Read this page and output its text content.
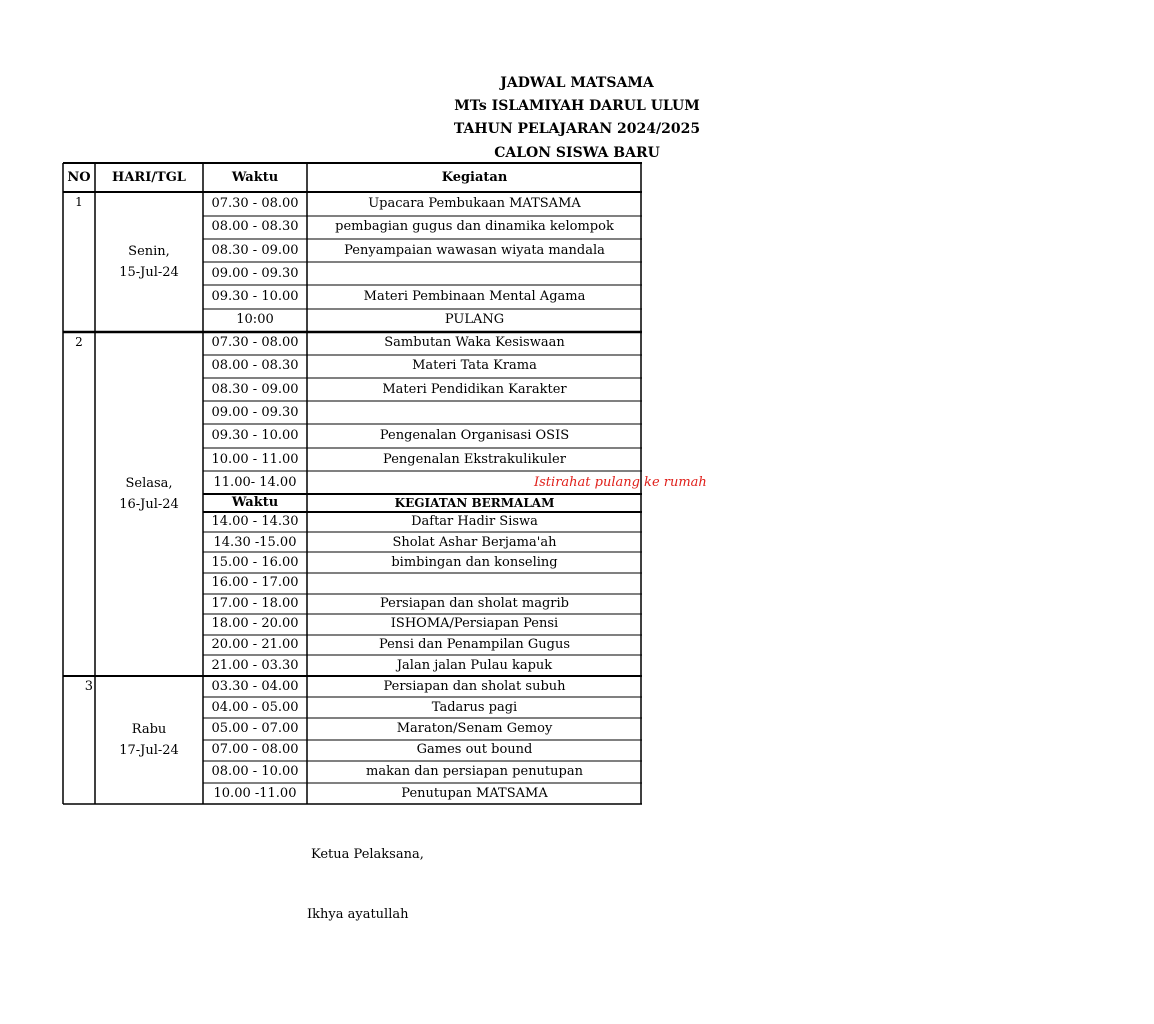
JADWAL MATSAMA
MTs ISLAMIYAH DARUL ULUM
TAHUN PELAJARAN 2024/2025
CALON SISWA BARU
NO	HARI/TGL	Waktu	Kegiatan
1
Senin,
15-Jul-24
07.30 - 08.00	Upacara Pembukaan MATSAMA
08.00 - 08.30	pembagian gugus dan dinamika kelompok
08.30 - 09.00	Penyampaian wawasan wiyata mandala
09.00 - 09.30
09.30 - 10.00	Materi Pembinaan Mental Agama
10:00	PULANG
2
Selasa,
16-Jul-24
07.30 - 08.00	Sambutan Waka Kesiswaan
08.00 - 08.30	Materi Tata Krama
08.30 - 09.00	Materi Pendidikan Karakter
09.00 - 09.30
09.30 - 10.00	Pengenalan Organisasi OSIS
10.00 - 11.00	Pengenalan Ekstrakulikuler
11.00- 14.00	Istirahat pulang ke rumah
Waktu	KEGIATAN BERMALAM
14.00 - 14.30	Daftar Hadir Siswa
14.30 -15.00	Sholat Ashar Berjama'ah
15.00 - 16.00	bimbingan dan konseling
16.00 - 17.00
17.00 - 18.00	Persiapan dan sholat magrib
18.00 - 20.00	ISHOMA/Persiapan Pensi
20.00 - 21.00	Pensi dan Penampilan Gugus
21.00 - 03.30	Jalan jalan Pulau kapuk
3
Rabu
17-Jul-24
03.30 - 04.00	Persiapan dan sholat subuh
04.00 - 05.00	Tadarus pagi
05.00 - 07.00	Maraton/Senam Gemoy
07.00 - 08.00	Games out bound
08.00 - 10.00	makan dan persiapan penutupan
10.00 -11.00	Penutupan MATSAMA
Ketua Pelaksana,
Ikhya ayatullah
